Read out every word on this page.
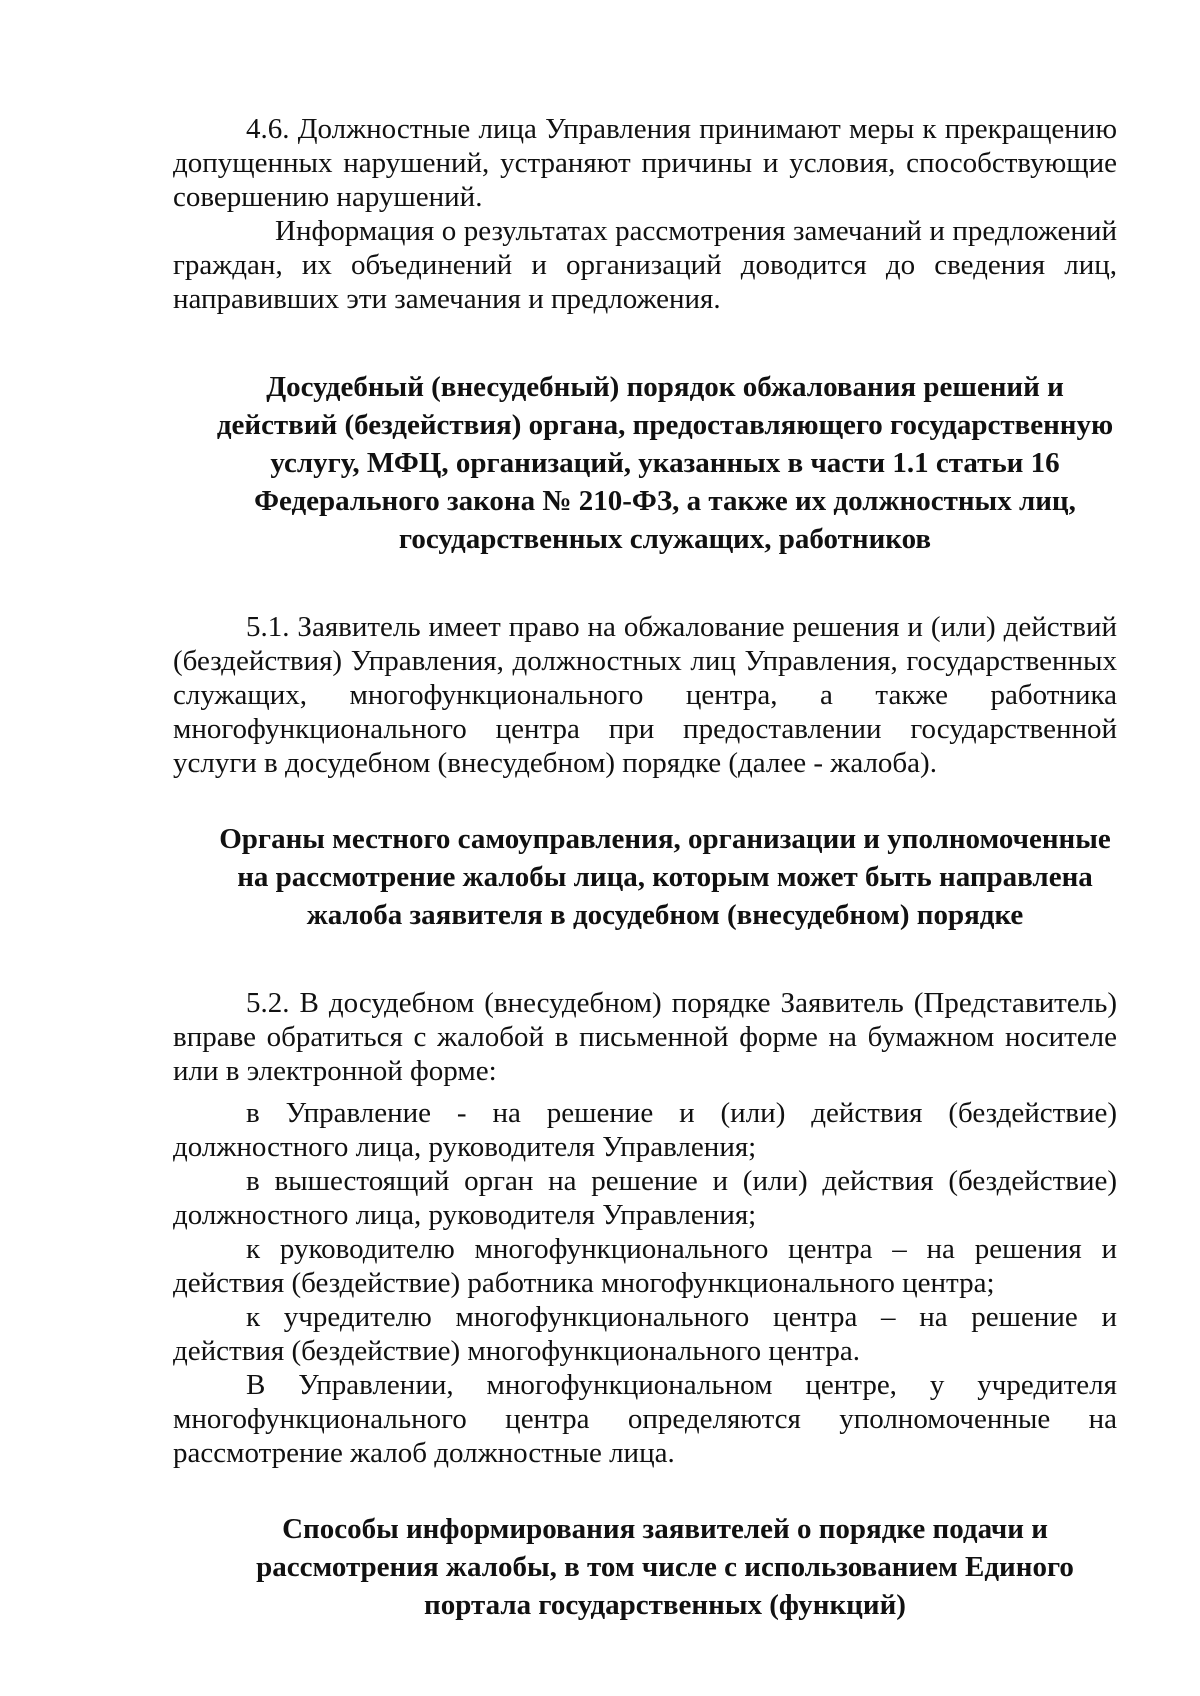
4.6. Должностные лица Управления принимают меры к прекращению допущенных нарушений, устраняют причины и условия, способствующие совершению нарушений.

Информация о результатах рассмотрения замечаний и предложений граждан, их объединений и организаций доводится до сведения лиц, направивших эти замечания и предложения.

Досудебный (внесудебный) порядок обжалования решений и действий (бездействия) органа, предоставляющего государственную услугу, МФЦ, организаций, указанных в части 1.1 статьи 16 Федерального закона № 210-ФЗ, а также их должностных лиц, государственных служащих, работников

5.1. Заявитель имеет право на обжалование решения и (или) действий (бездействия) Управления, должностных лиц Управления, государственных служащих, многофункционального центра, а также работника многофункционального центра при предоставлении государственной услуги в досудебном (внесудебном) порядке (далее - жалоба).

Органы местного самоуправления, организации и уполномоченные на рассмотрение жалобы лица, которым может быть направлена жалоба заявителя в досудебном (внесудебном) порядке

5.2. В досудебном (внесудебном) порядке Заявитель (Представитель) вправе обратиться с жалобой в письменной форме на бумажном носителе или в электронной форме:

в Управление - на решение и (или) действия (бездействие) должностного лица, руководителя Управления;

в вышестоящий орган на решение и (или) действия (бездействие) должностного лица, руководителя Управления;

к руководителю многофункционального центра – на решения и действия (бездействие) работника многофункционального центра;

к учредителю многофункционального центра – на решение и действия (бездействие) многофункционального центра.

В Управлении, многофункциональном центре, у учредителя многофункционального центра определяются уполномоченные на рассмотрение жалоб должностные лица.

Способы информирования заявителей о порядке подачи и рассмотрения жалобы, в том числе с использованием Единого портала государственных (функций)
